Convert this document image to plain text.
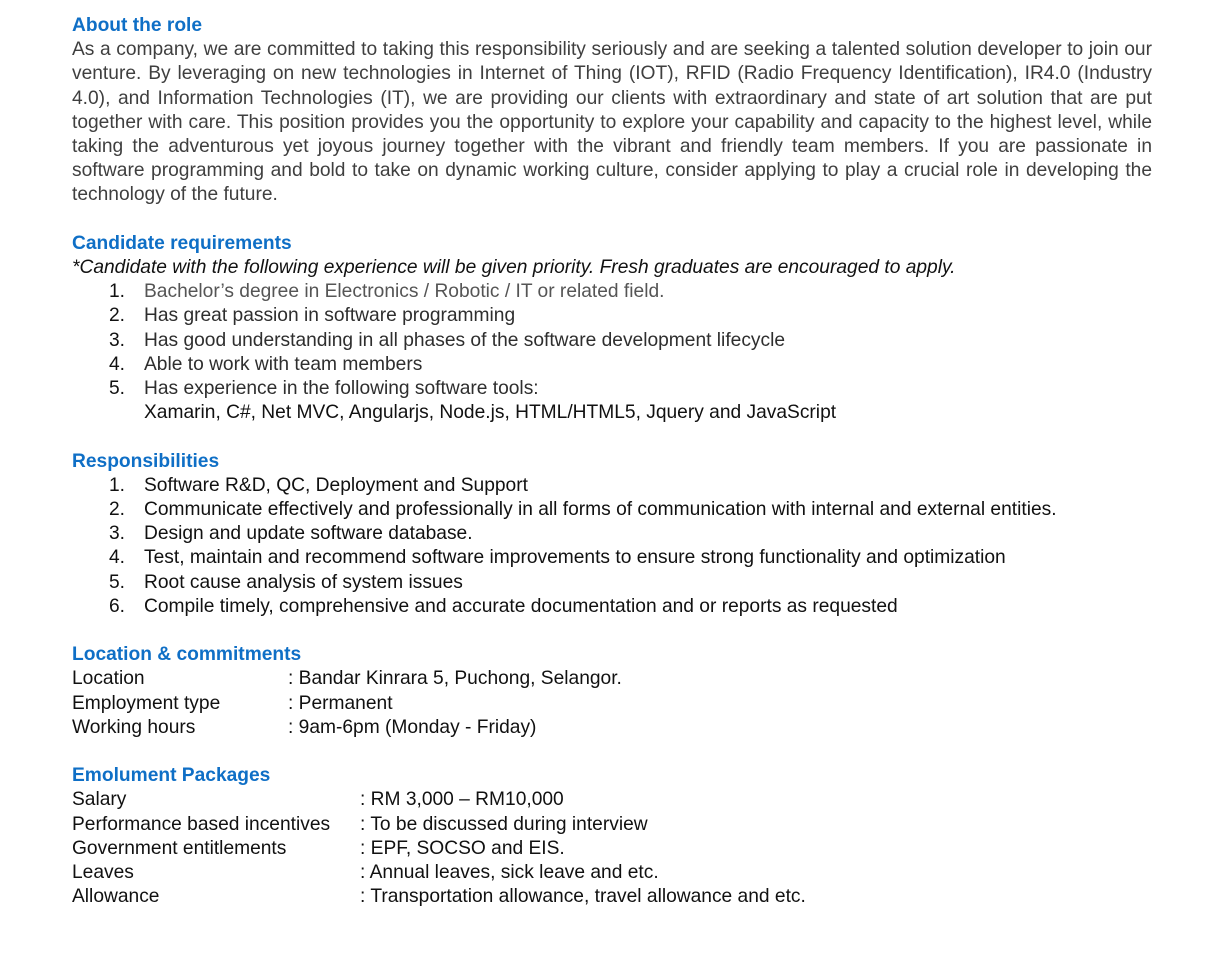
About the role

As a company, we are committed to taking this responsibility seriously and are seeking a talented solution developer to join our venture. By leveraging on new technologies in Internet of Thing (IOT), RFID (Radio Frequency Identification), IR4.0 (Industry 4.0), and Information Technologies (IT), we are providing our clients with extraordinary and state of art solution that are put together with care. This position provides you the opportunity to explore your capability and capacity to the highest level, while taking the adventurous yet joyous journey together with the vibrant and friendly team members. If you are passionate in software programming and bold to take on dynamic working culture, consider applying to play a crucial role in developing the technology of the future.

Candidate requirements
*Candidate with the following experience will be given priority. Fresh graduates are encouraged to apply.
1. Bachelor’s degree in Electronics / Robotic / IT or related field.
2. Has great passion in software programming
3. Has good understanding in all phases of the software development lifecycle
4. Able to work with team members
5. Has experience in the following software tools:
Xamarin, C#, Net MVC, Angularjs, Node.js, HTML/HTML5, Jquery and JavaScript
Responsibilities
1. Software R&D, QC, Deployment and Support
2. Communicate effectively and professionally in all forms of communication with internal and external entities.
3. Design and update software database.
4. Test, maintain and recommend software improvements to ensure strong functionality and optimization
5. Root cause analysis of system issues
6. Compile timely, comprehensive and accurate documentation and or reports as requested
Location & commitments
Location	: Bandar Kinrara 5, Puchong, Selangor.
Employment type	: Permanent
Working hours	: 9am-6pm (Monday - Friday)
Emolument Packages
Salary	: RM 3,000 – RM10,000
Performance based incentives	: To be discussed during interview
Government entitlements	: EPF, SOCSO and EIS.
Leaves	: Annual leaves, sick leave and etc.
Allowance	: Transportation allowance, travel allowance and etc.
